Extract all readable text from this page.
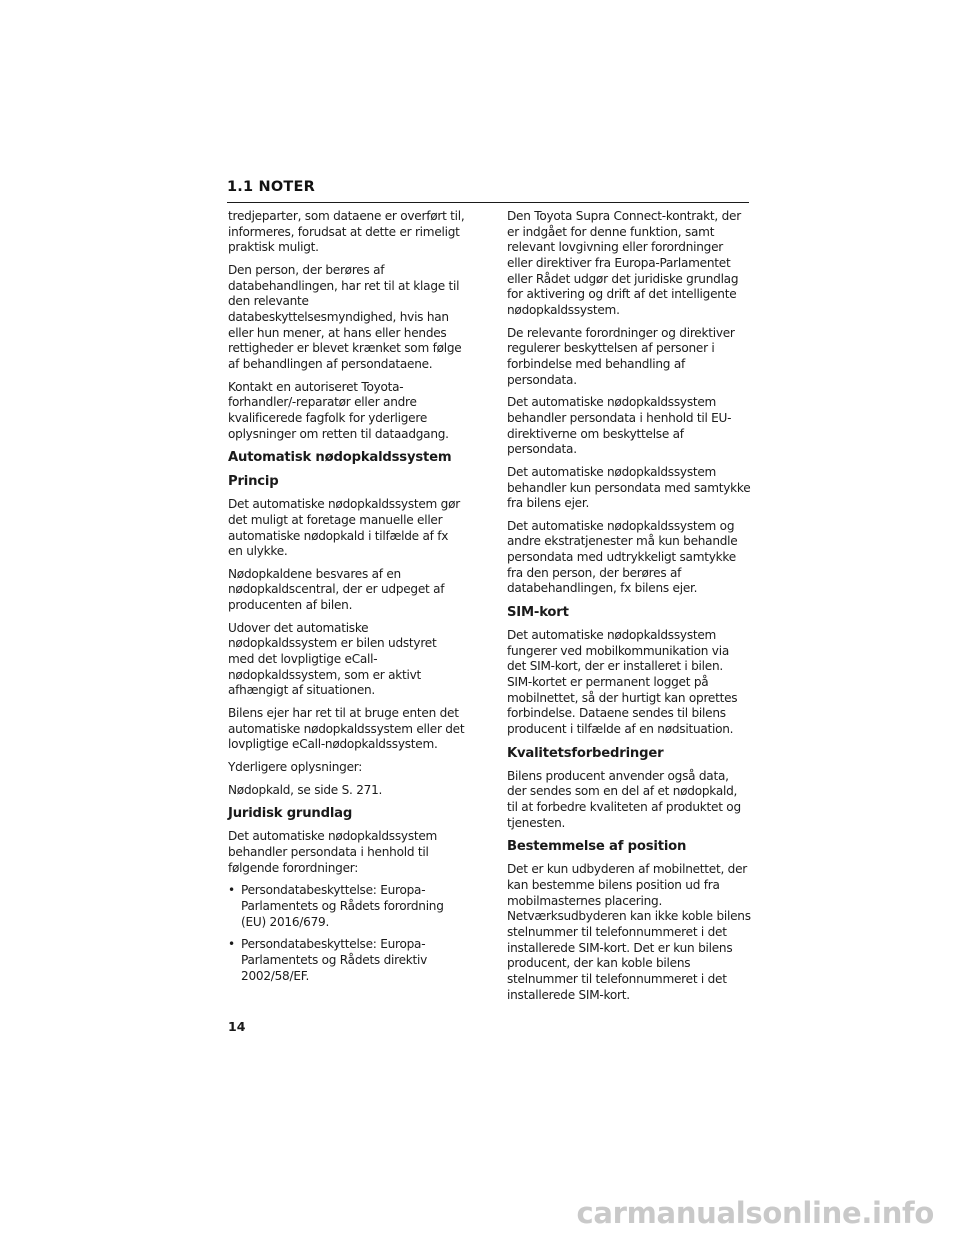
1.1 NOTER
tredjeparter, som dataene er overført til, informeres, forudsat at dette er rimeligt praktisk muligt.
Den person, der berøres af databehandlingen, har ret til at klage til den relevante databeskyttelsesmyndighed, hvis han eller hun mener, at hans eller hendes rettigheder er blevet krænket som følge af behandlingen af persondataene.
Kontakt en autoriseret Toyota-forhandler/-reparatør eller andre kvalificerede fagfolk for yderligere oplysninger om retten til dataadgang.
Automatisk nødopkaldssystem
Princip
Det automatiske nødopkaldssystem gør det muligt at foretage manuelle eller automatiske nødopkald i tilfælde af fx en ulykke.
Nødopkaldene besvares af en nødopkaldscentral, der er udpeget af producenten af bilen.
Udover det automatiske nødopkaldssystem er bilen udstyret med det lovpligtige eCall-nødopkaldssystem, som er aktivt afhængigt af situationen.
Bilens ejer har ret til at bruge enten det automatiske nødopkaldssystem eller det lovpligtige eCall-nødopkaldssystem.
Yderligere oplysninger:
Nødopkald, se side S. 271.
Juridisk grundlag
Det automatiske nødopkaldssystem behandler persondata i henhold til følgende forordninger:
• Persondatabeskyttelse: Europa-Parlamentets og Rådets forordning (EU) 2016/679.
• Persondatabeskyttelse: Europa-Parlamentets og Rådets direktiv 2002/58/EF.
Den Toyota Supra Connect-kontrakt, der er indgået for denne funktion, samt relevant lovgivning eller forordninger eller direktiver fra Europa-Parlamentet eller Rådet udgør det juridiske grundlag for aktivering og drift af det intelligente nødopkaldssystem.
De relevante forordninger og direktiver regulerer beskyttelsen af personer i forbindelse med behandling af persondata.
Det automatiske nødopkaldssystem behandler persondata i henhold til EU-direktiverne om beskyttelse af persondata.
Det automatiske nødopkaldssystem behandler kun persondata med samtykke fra bilens ejer.
Det automatiske nødopkaldssystem og andre ekstratjenester må kun behandle persondata med udtrykkeligt samtykke fra den person, der berøres af databehandlingen, fx bilens ejer.
SIM-kort
Det automatiske nødopkaldssystem fungerer ved mobilkommunikation via det SIM-kort, der er installeret i bilen. SIM-kortet er permanent logget på mobilnettet, så der hurtigt kan oprettes forbindelse. Dataene sendes til bilens producent i tilfælde af en nødsituation.
Kvalitetsforbedringer
Bilens producent anvender også data, der sendes som en del af et nødopkald, til at forbedre kvaliteten af produktet og tjenesten.
Bestemmelse af position
Det er kun udbyderen af mobilnettet, der kan bestemme bilens position ud fra mobilmasternes placering. Netværksudbyderen kan ikke koble bilens stelnummer til telefonnummeret i det installerede SIM-kort. Det er kun bilens producent, der kan koble bilens stelnummer til telefonnummeret i det installerede SIM-kort.
14
carmanualsonline.info
